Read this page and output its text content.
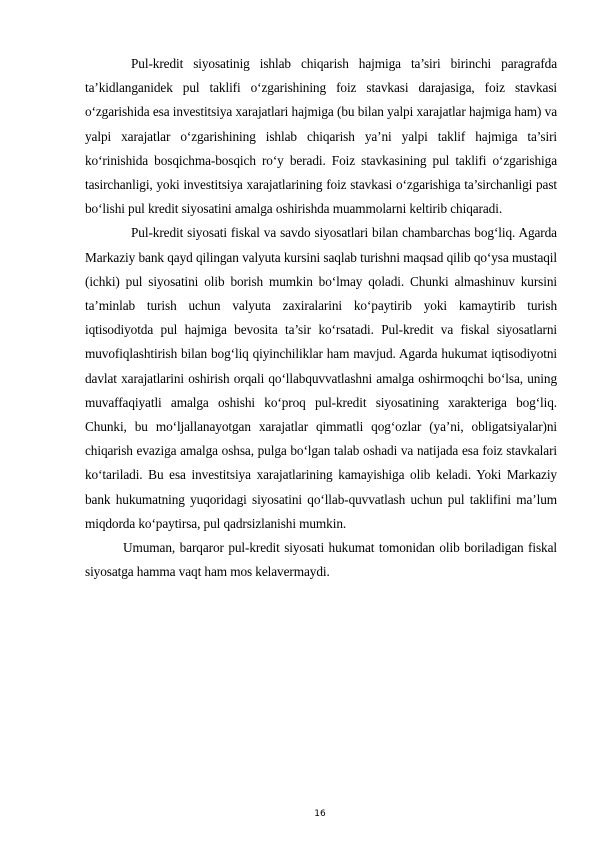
Pul-kredit siyosatinig ishlab chiqarish hajmiga ta’siri birinchi paragrafda ta’kidlanganidek pul taklifi o‘zgarishining foiz stavkasi darajasiga, foiz stavkasi o‘zgarishida esa investitsiya xarajatlari hajmiga (bu bilan yalpi xarajatlar hajmiga ham) va yalpi xarajatlar o‘zgarishining ishlab chiqarish ya’ni yalpi taklif hajmiga ta’siri ko‘rinishida bosqichma-bosqich ro‘y beradi. Foiz stavkasining pul taklifi o‘zgarishiga tasirchanligi, yoki investitsiya xarajatlarining foiz stavkasi o‘zgarishiga ta’sirchanligi past bo‘lishi pul kredit siyosatini amalga oshirishda muammolarni keltirib chiqaradi.

Pul-kredit siyosati fiskal va savdo siyosatlari bilan chambarchas bog‘liq. Agarda Markaziy bank qayd qilingan valyuta kursini saqlab turishni maqsad qilib qo‘ysa mustaqil (ichki) pul siyosatini olib borish mumkin bo‘lmay qoladi. Chunki almashinuv kursini ta’minlab turish uchun valyuta zaxiralarini ko‘paytirib yoki kamaytirib turish iqtisodiyotda pul hajmiga bevosita ta’sir ko‘rsatadi. Pul-kredit va fiskal siyosatlarni muvofiqlashtirish bilan bog‘liq qiyinchiliklar ham mavjud. Agarda hukumat iqtisodiyotni davlat xarajatlarini oshirish orqali qo‘llabquvvatlashni amalga oshirmoqchi bo‘lsa, uning muvaffaqiyatli amalga oshishi ko‘proq pul-kredit siyosatining xarakteriga bog‘liq. Chunki, bu mo‘ljallanayotgan xarajatlar qimmatli qog‘ozlar (ya’ni, obligatsiyalar)ni chiqarish evaziga amalga oshsa, pulga bo‘lgan talab oshadi va natijada esa foiz stavkalari ko‘tariladi. Bu esa investitsiya xarajatlarining kamayishiga olib keladi. Yoki Markaziy bank hukumatning yuqoridagi siyosatini qo‘llab-quvvatlash uchun pul taklifini ma’lum miqdorda ko‘paytirsa, pul qadrsizlanishi mumkin.

Umuman, barqaror pul-kredit siyosati hukumat tomonidan olib boriladigan fiskal siyosatga hamma vaqt ham mos kelavermaydi.

16
